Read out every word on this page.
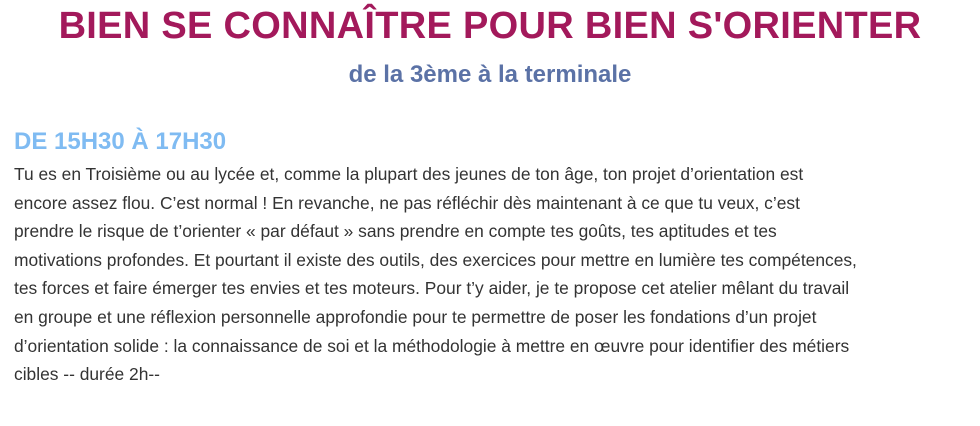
BIEN SE CONNAÎTRE POUR BIEN S'ORIENTER
de la 3ème à la terminale
DE 15H30 À 17H30
Tu es en Troisième ou au lycée et, comme la plupart des jeunes de ton âge, ton projet d’orientation est
encore assez flou. C’est normal ! En revanche, ne pas réfléchir dès maintenant à ce que tu veux, c’est
prendre le risque de t’orienter « par défaut » sans prendre en compte tes goûts, tes aptitudes et tes
motivations profondes. Et pourtant il existe des outils, des exercices pour mettre en lumière tes compétences,
tes forces et faire émerger tes envies et tes moteurs. Pour t’y aider, je te propose cet atelier mêlant du travail
en groupe et une réflexion personnelle approfondie pour te permettre de poser les fondations d’un projet
d’orientation solide : la connaissance de soi et la méthodologie à mettre en œuvre pour identifier des métiers
cibles -- durée 2h--
